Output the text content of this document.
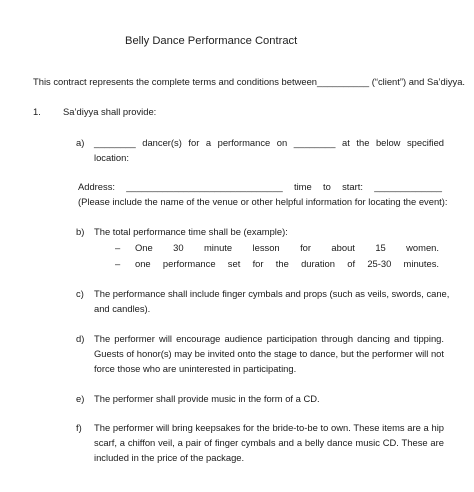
Belly Dance Performance Contract
This contract represents the complete terms and conditions between__________ (“client”) and Sa’diyya.
1. Sa’diyya shall provide:
a) ________ dancer(s) for a performance on ________ at the below specified
location:
Address: ______________________________ time to start: _____________
(Please include the name of the venue or other helpful information for locating the event):
b) The total performance time shall be (example):
–	One 30 minute lesson for about 15 women.
–	one performance set for the duration of 25-30 minutes.
c) The performance shall include finger cymbals and props (such as veils, swords, cane,
and candles).
d) The performer will encourage audience participation through dancing and tipping.
Guests of honor(s) may be invited onto the stage to dance, but the performer will not
force those who are uninterested in participating.
e) The performer shall provide music in the form of a CD.
f) The performer will bring keepsakes for the bride-to-be to own. These items are a hip
scarf, a chiffon veil, a pair of finger cymbals and a belly dance music CD. These are
included in the price of the package.
